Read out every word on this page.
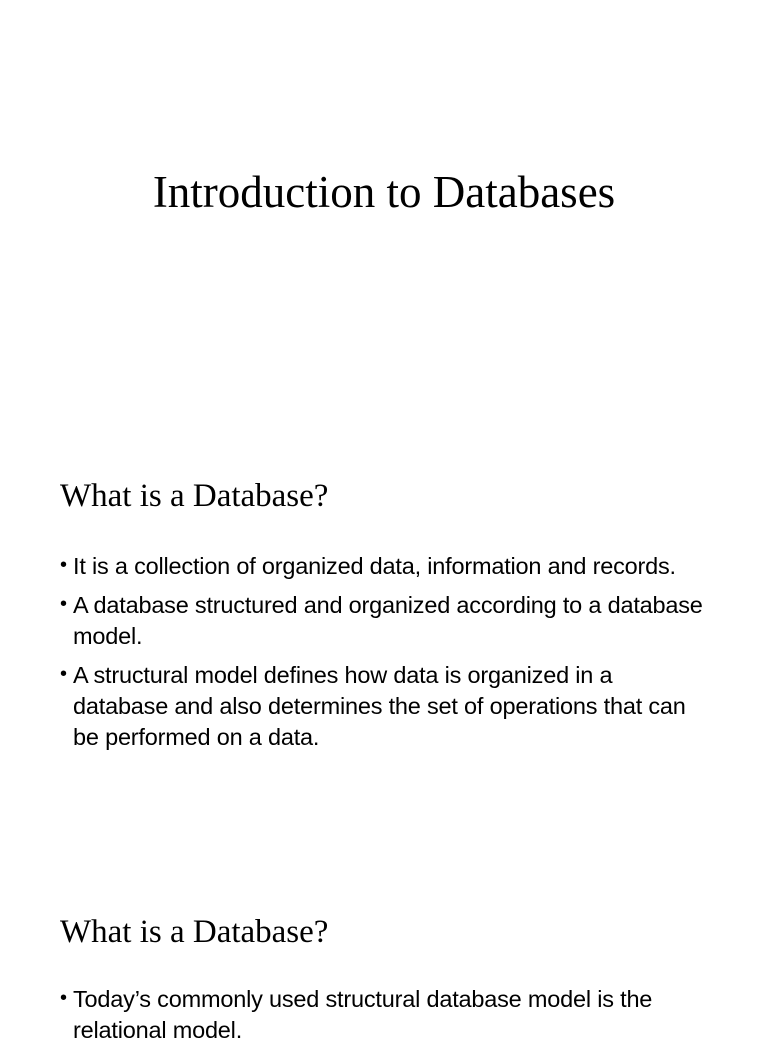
Introduction to Databases
What is a Database?
• It is a collection of organized data, information and records.
• A database structured and organized according to a database model.
• A structural model defines how data is organized in a database and also determines the set of operations that can be performed on a data.
What is a Database?
• Today’s commonly used structural database model is the relational model.
